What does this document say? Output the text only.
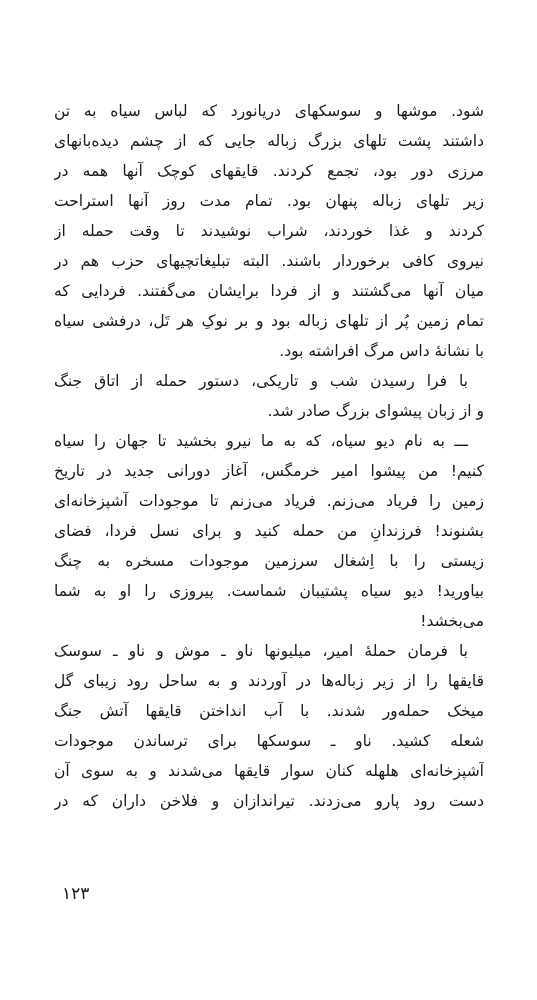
شود. موشها و سوسکهای دریانورد که لباس سیاه به تن
داشتند پشت تلهای بزرگ زباله جایی که از چشم دیده‌بانهای
مرزی دور بود، تجمع کردند. قایقهای کوچک آنها همه در
زیر تلهای زباله پنهان بود. تمام مدت روز آنها استراحت
کردند و غذا خوردند، شراب نوشیدند تا وقت حمله از
نیروی کافی برخوردار باشند. البته تبلیغاتچیهای حزب هم در
میان آنها می‌گشتند و از فردا برایشان می‌گفتند. فردایی که
تمام زمین پُر از تلهای زباله بود و بر نوکِ هر تَل، درفشی سیاه
با نشانهٔ داس مرگ افراشته بود.
با فرا رسیدن شب و تاریکی، دستور حمله از اتاق جنگ
و از زبان پیشوای بزرگ صادر شد.
ـــ به نام دیو سیاه، که به ما نیرو بخشید تا جهان را سیاه
کنیم! من پیشوا امیر خرمگس، آغاز دورانی جدید در تاریخ
زمین را فریاد می‌زنم. فریاد می‌زنم تا موجودات آشپزخانه‌ای
بشنوند! فرزندانِ من حمله کنید و برای نسل فردا، فضای
زیستی را با اِشغال سرزمین موجودات مسخره به چنگ
بیاورید! دیو سیاه پشتیبان شماست. پیروزی را او به شما
می‌بخشد!
با فرمان حملهٔ امیر، میلیونها ناو ـ موش و ناو ـ سوسک
قایقها را از زیر زباله‌ها در آوردند و به ساحل رود زیبای گل
میخک حمله‌ور شدند. با آب انداختن قایقها آتش جنگ
شعله کشید. ناو ـ سوسکها برای ترساندن موجودات
آشپزخانه‌ای هلهله کنان سوار قایقها می‌شدند و به سوی آن
دست رود پارو می‌زدند. تیراندازان و فلاخن داران که در
۱۲۳
